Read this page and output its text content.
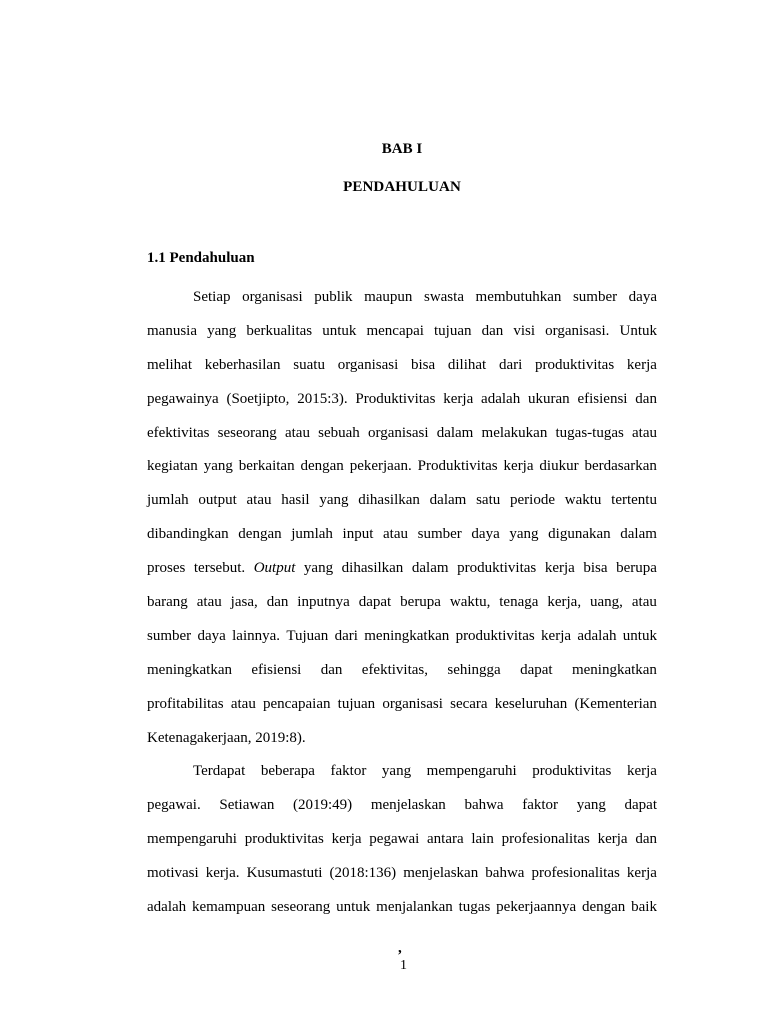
BAB I
PENDAHULUAN
1.1 Pendahuluan
Setiap organisasi publik maupun swasta membutuhkan sumber daya
manusia yang berkualitas untuk mencapai tujuan dan visi organisasi. Untuk
melihat keberhasilan suatu organisasi bisa dilihat dari produktivitas kerja
pegawainya (Soetjipto, 2015:3). Produktivitas kerja adalah ukuran efisiensi dan
efektivitas seseorang atau sebuah organisasi dalam melakukan tugas-tugas atau
kegiatan yang berkaitan dengan pekerjaan. Produktivitas kerja diukur berdasarkan
jumlah output atau hasil yang dihasilkan dalam satu periode waktu tertentu
dibandingkan dengan jumlah input atau sumber daya yang digunakan dalam
proses tersebut. Output yang dihasilkan dalam produktivitas kerja bisa berupa
barang atau jasa, dan inputnya dapat berupa waktu, tenaga kerja, uang, atau
sumber daya lainnya. Tujuan dari meningkatkan produktivitas kerja adalah untuk
meningkatkan efisiensi dan efektivitas, sehingga dapat meningkatkan
profitabilitas atau pencapaian tujuan organisasi secara keseluruhan (Kementerian
Ketenagakerjaan, 2019:8).
Terdapat beberapa faktor yang mempengaruhi produktivitas kerja
pegawai. Setiawan (2019:49) menjelaskan bahwa faktor yang dapat
mempengaruhi produktivitas kerja pegawai antara lain profesionalitas kerja dan
motivasi kerja. Kusumastuti (2018:136) menjelaskan bahwa profesionalitas kerja
adalah kemampuan seseorang untuk menjalankan tugas pekerjaannya dengan baik
,
1
